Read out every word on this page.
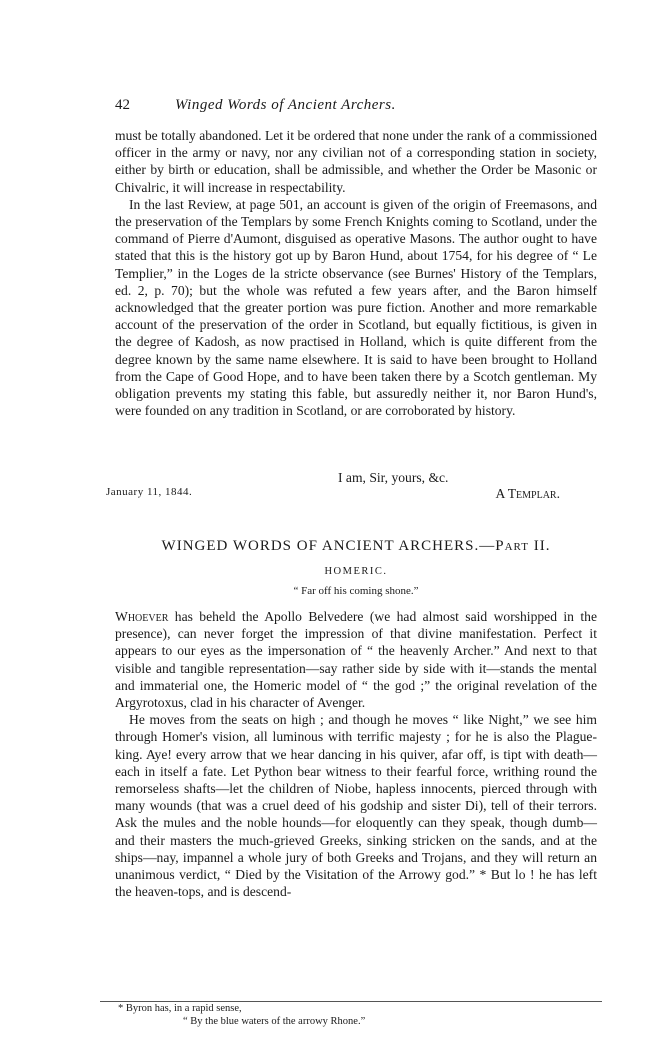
42	Winged Words of Ancient Archers.

must be totally abandoned. Let it be ordered that none under the rank of a commissioned officer in the army or navy, nor any civilian not of a corresponding station in society, either by birth or education, shall be admissible, and whether the Order be Masonic or Chivalric, it will increase in respectability.

In the last Review, at page 501, an account is given of the origin of Freemasons, and the preservation of the Templars by some French Knights coming to Scotland, under the command of Pierre d'Aumont, disguised as operative Masons. The author ought to have stated that this is the history got up by Baron Hund, about 1754, for his degree of “ Le Templier,” in the Loges de la stricte observance (see Burnes' History of the Templars, ed. 2, p. 70); but the whole was refuted a few years after, and the Baron himself acknowledged that the greater portion was pure fiction. Another and more remarkable account of the preservation of the order in Scotland, but equally fictitious, is given in the degree of Kadosh, as now practised in Holland, which is quite different from the degree known by the same name elsewhere. It is said to have been brought to Holland from the Cape of Good Hope, and to have been taken there by a Scotch gentleman. My obligation prevents my stating this fable, but assuredly neither it, nor Baron Hund's, were founded on any tradition in Scotland, or are corroborated by history.

I am, Sir, yours, &c.
January 11, 1844.	A Templar.
WINGED WORDS OF ANCIENT ARCHERS.—Part II.
HOMERIC.
“ Far off his coming shone.”

Whoever has beheld the Apollo Belvedere (we had almost said worshipped in the presence), can never forget the impression of that divine manifestation. Perfect it appears to our eyes as the impersonation of “ the heavenly Archer.” And next to that visible and tangible representation—say rather side by side with it—stands the mental and immaterial one, the Homeric model of “ the god ;” the original revelation of the Argyrotoxus, clad in his character of Avenger.

He moves from the seats on high ; and though he moves “ like Night,” we see him through Homer's vision, all luminous with terrific majesty ; for he is also the Plague-king. Aye! every arrow that we hear dancing in his quiver, afar off, is tipt with death—each in itself a fate. Let Python bear witness to their fearful force, writhing round the remorseless shafts—let the children of Niobe, hapless innocents, pierced through with many wounds (that was a cruel deed of his godship and sister Di), tell of their terrors. Ask the mules and the noble hounds—for eloquently can they speak, though dumb—and their masters the much-grieved Greeks, sinking stricken on the sands, and at the ships—nay, impannel a whole jury of both Greeks and Trojans, and they will return an unanimous verdict, “ Died by the Visitation of the Arrowy god.” * But lo ! he has left the heaven-tops, and is descend-

* Byron has, in a rapid sense,
“ By the blue waters of the arrowy Rhone.”
